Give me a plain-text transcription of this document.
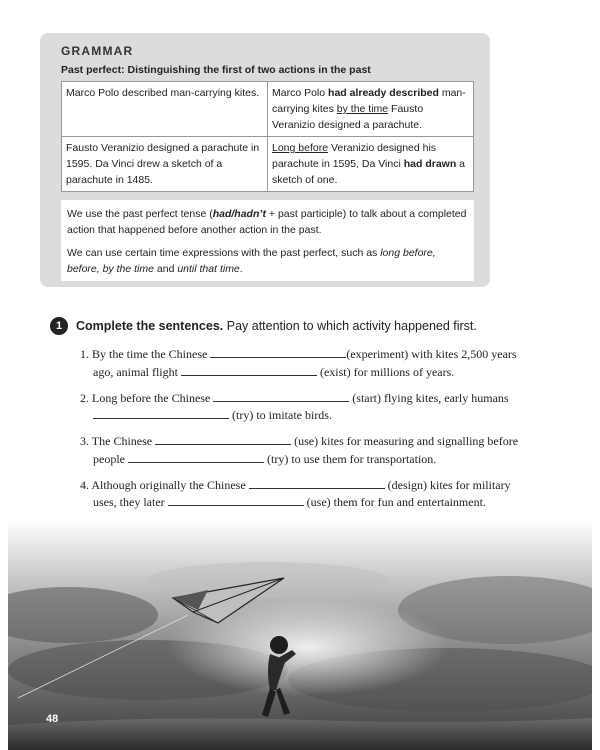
GRAMMAR
Past perfect: Distinguishing the first of two actions in the past
Marco Polo described man-carrying kites.	Marco Polo had already described man-carrying kites by the time Fausto Veranizio designed a parachute.
Fausto Veranizio designed a parachute in 1595. Da Vinci drew a sketch of a parachute in 1485.	Long before Veranizio designed his parachute in 1595, Da Vinci had drawn a sketch of one.

We use the past perfect tense (had/hadn’t + past participle) to talk about a completed action that happened before another action in the past.

We can use certain time expressions with the past perfect, such as long before, before, by the time and until that time.

1	Complete the sentences. Pay attention to which activity happened first.
1. By the time the Chinese	(experiment) with kites 2,500 years
ago, animal flight	(exist) for millions of years.
2. Long before the Chinese	(start) flying kites, early humans
(try) to imitate birds.
3. The Chinese	(use) kites for measuring and signalling before
people	(try) to use them for transportation.
4. Although originally the Chinese	(design) kites for military
uses, they later	(use) them for fun and entertainment.
48
